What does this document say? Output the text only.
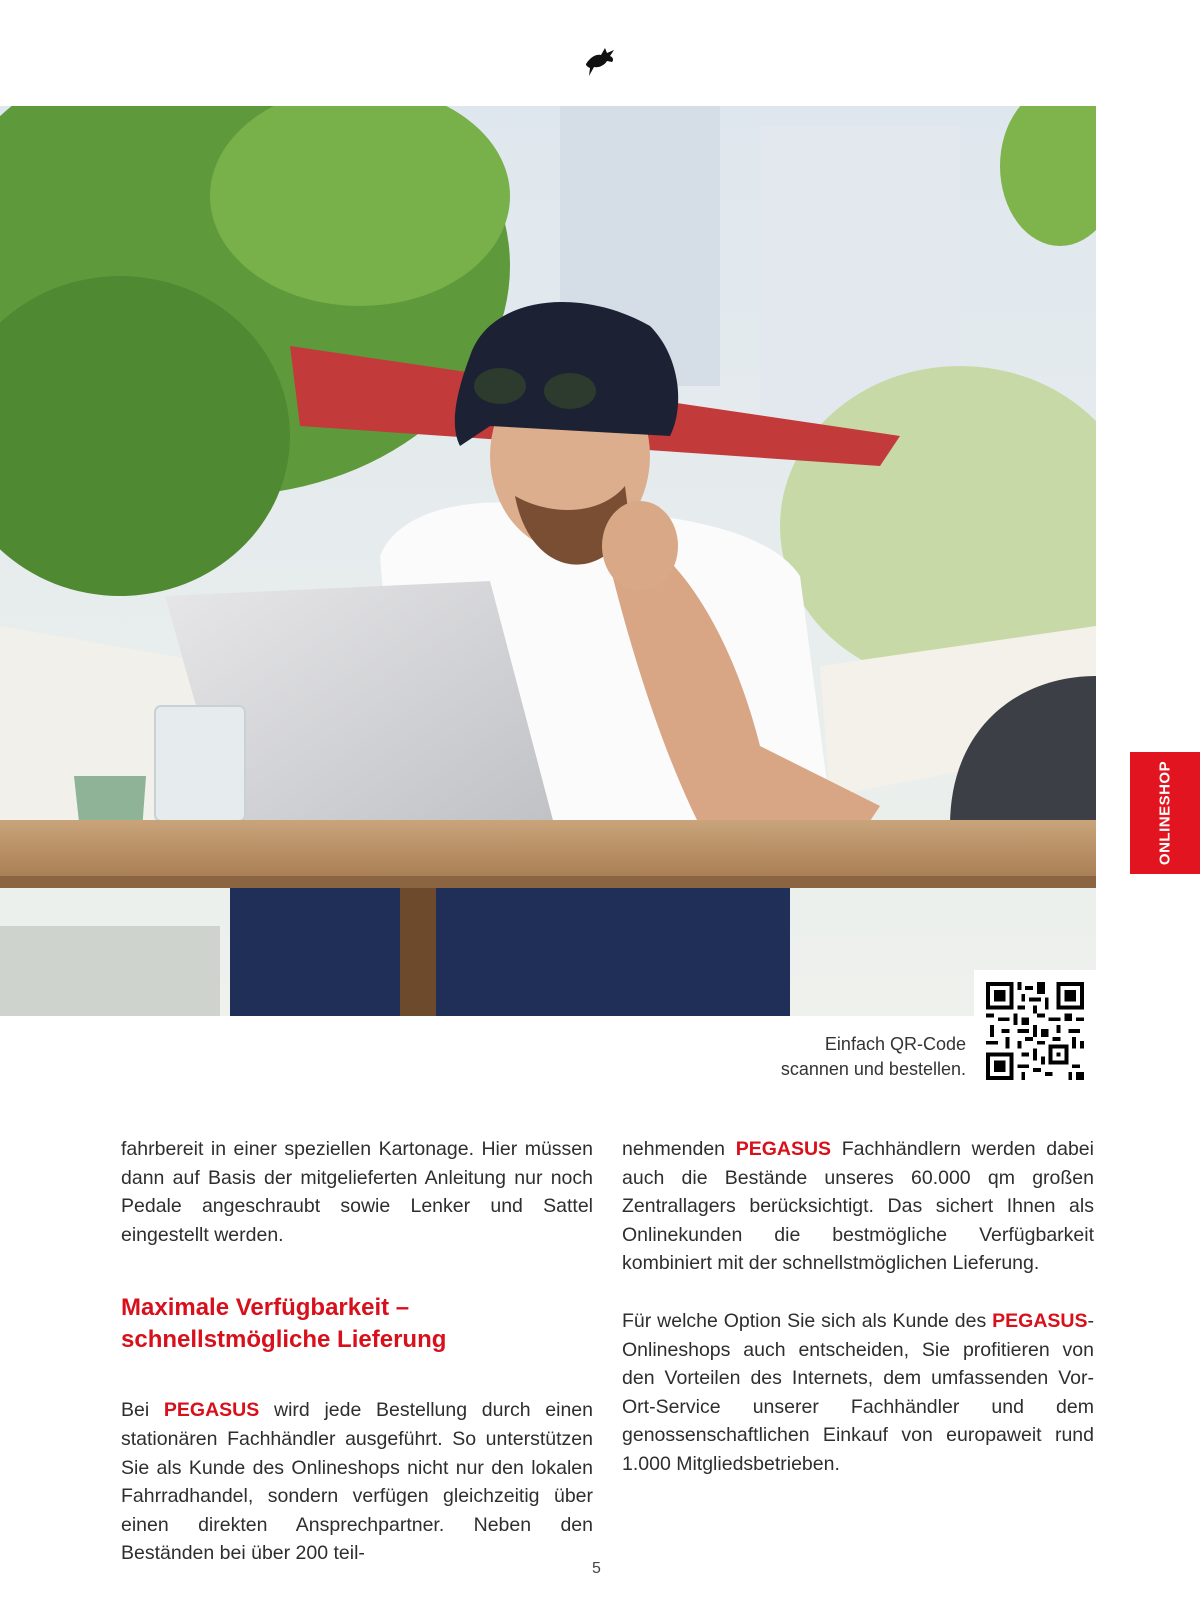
ONLINESHOP
Einfach QR-Code
scannen und bestellen.

fahrbereit in einer speziellen Kartonage. Hier müssen dann auf Basis der mitgelieferten Anleitung nur noch Pedale angeschraubt sowie Lenker und Sattel eingestellt werden.

Maximale Verfügbarkeit –
schnellstmögliche Lieferung

Bei PEGASUS wird jede Bestellung durch einen stationären Fachhändler ausgeführt. So unterstützen Sie als Kunde des Onlineshops nicht nur den lokalen Fahrradhandel, sondern verfügen gleichzeitig über einen direkten Ansprechpartner. Neben den Beständen bei über 200 teil-

nehmenden PEGASUS Fachhändlern werden dabei auch die Bestände unseres 60.000 qm großen Zentrallagers berücksichtigt. Das sichert Ihnen als Onlinekunden die bestmögliche Verfügbarkeit kombiniert mit der schnellstmöglichen Lieferung.

Für welche Option Sie sich als Kunde des PEGASUS-Onlineshops auch entscheiden, Sie profitieren von den Vorteilen des Internets, dem umfassenden Vor-Ort-Service unserer Fachhändler und dem genossenschaftlichen Einkauf von europaweit rund 1.000 Mitgliedsbetrieben.

5
